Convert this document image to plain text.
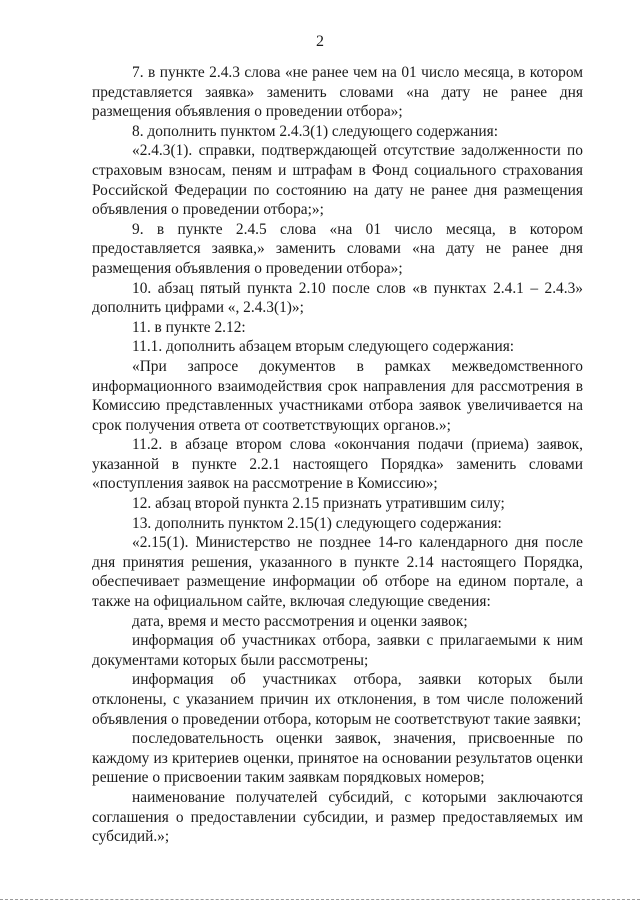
2

7. в пункте 2.4.3 слова «не ранее чем на 01 число месяца, в котором представляется заявка» заменить словами «на дату не ранее дня размещения объявления о проведении отбора»;

8. дополнить пунктом 2.4.3(1) следующего содержания:

«2.4.3(1). справки, подтверждающей отсутствие задолженности по страховым взносам, пеням и штрафам в Фонд социального страхования Российской Федерации по состоянию на дату не ранее дня размещения объявления о проведении отбора;»;

9. в пункте 2.4.5 слова «на 01 число месяца, в котором предоставляется заявка,» заменить словами «на дату не ранее дня размещения объявления о проведении отбора»;

10. абзац пятый пункта 2.10 после слов «в пунктах 2.4.1 – 2.4.3» дополнить цифрами «, 2.4.3(1)»;

11. в пункте 2.12:

11.1. дополнить абзацем вторым следующего содержания:

«При запросе документов в рамках межведомственного информационного взаимодействия срок направления для рассмотрения в Комиссию представленных участниками отбора заявок увеличивается на срок получения ответа от соответствующих органов.»;

11.2. в абзаце втором слова «окончания подачи (приема) заявок, указанной в пункте 2.2.1 настоящего Порядка» заменить словами «поступления заявок на рассмотрение в Комиссию»;

12. абзац второй пункта 2.15 признать утратившим силу;

13. дополнить пунктом 2.15(1) следующего содержания:

«2.15(1). Министерство не позднее 14-го календарного дня после дня принятия решения, указанного в пункте 2.14 настоящего Порядка, обеспечивает размещение информации об отборе на едином портале, а также на официальном сайте, включая следующие сведения:

дата, время и место рассмотрения и оценки заявок;

информация об участниках отбора, заявки с прилагаемыми к ним документами которых были рассмотрены;

информация об участниках отбора, заявки которых были отклонены, с указанием причин их отклонения, в том числе положений объявления о проведении отбора, которым не соответствуют такие заявки;

последовательность оценки заявок, значения, присвоенные по каждому из критериев оценки, принятое на основании результатов оценки решение о присвоении таким заявкам порядковых номеров;

наименование получателей субсидий, с которыми заключаются соглашения о предоставлении субсидии, и размер предоставляемых им субсидий.»;
